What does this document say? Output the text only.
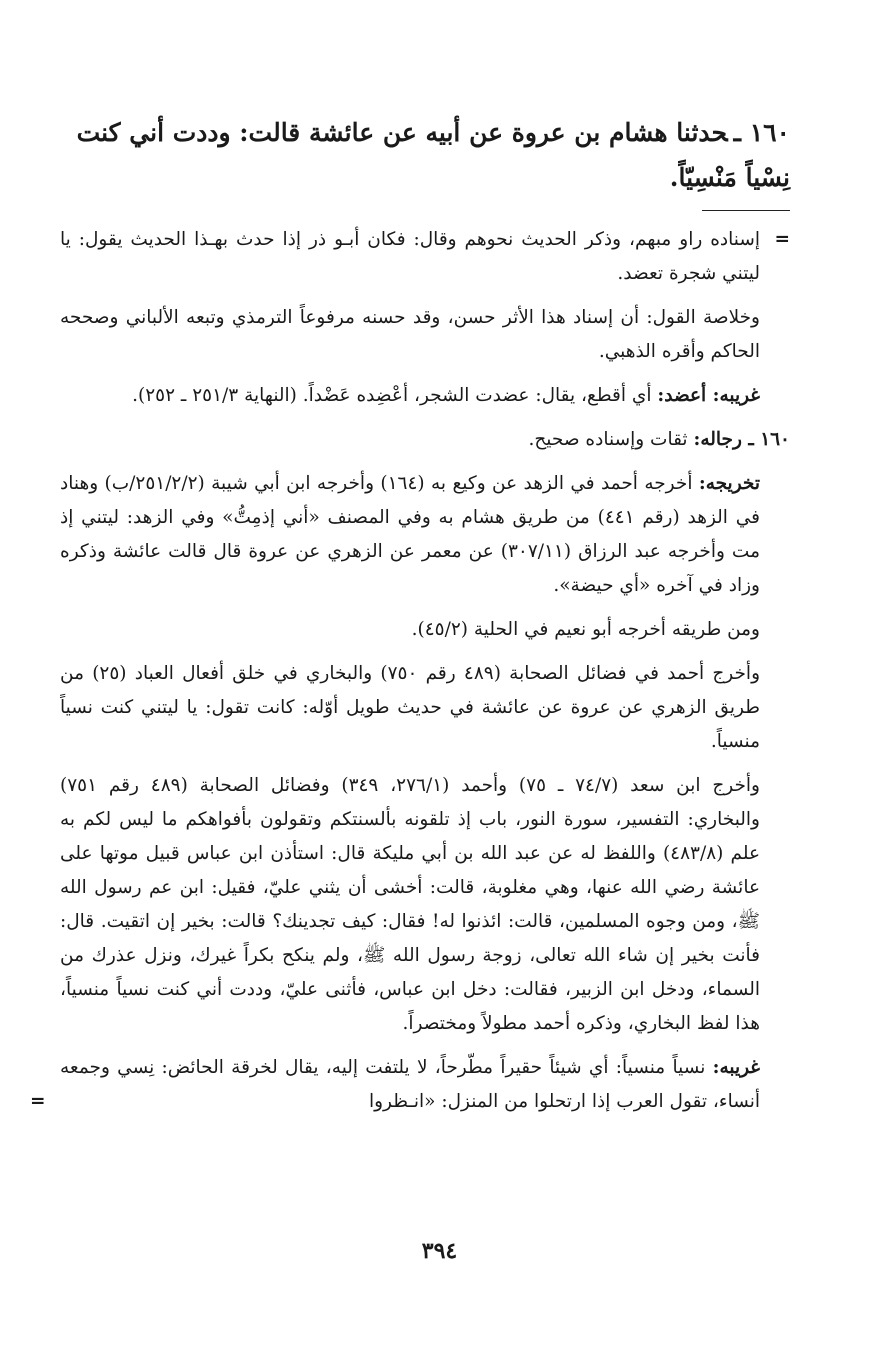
١٦٠ ـحدثنا هشام بن عروة عن أبيه عن عائشة قالت: وددت أني كنت نِسْياً مَنْسِيّاً.

=
إسناده راو مبهم، وذكر الحديث نحوهم وقال: فكان أبـو ذر إذا حدث بهـذا الحديث يقول: يا ليتني شجرة تعضد.

وخلاصة القول: أن إسناد هذا الأثر حسن، وقد حسنه مرفوعاً الترمذي وتبعه الألباني وصححه الحاكم وأقره الذهبي.

غريبه: أعضد: أي أقطع، يقال: عضدت الشجر، أعْضِده عَضْداً. (النهاية ٢٥١/٣ ـ ٢٥٢).

١٦٠ ـ رجاله: ثقات وإسناده صحيح.

تخريجه: أخرجه أحمد في الزهد عن وكيع به (١٦٤) وأخرجه ابن أبي شيبة (٢٥١/٢/٢/ب) وهناد في الزهد (رقم ٤٤١) من طريق هشام به وفي المصنف «أني إذمِتُّ» وفي الزهد: ليتني إذ مت وأخرجه عبد الرزاق (٣٠٧/١١) عن معمر عن الزهري عن عروة قال قالت عائشة وذكره وزاد في آخره «أي حيضة».

ومن طريقه أخرجه أبو نعيم في الحلية (٤٥/٢).

وأخرج أحمد في فضائل الصحابة (٤٨٩ رقم ٧٥٠) والبخاري في خلق أفعال العباد (٢٥) من طريق الزهري عن عروة عن عائشة في حديث طويل أوّله: كانت تقول: يا ليتني كنت نسياً منسياً.

وأخرج ابن سعد (٧٤/٧ ـ ٧٥) وأحمد (٢٧٦/١، ٣٤٩) وفضائل الصحابة (٤٨٩ رقم ٧٥١) والبخاري: التفسير، سورة النور، باب إذ تلقونه بألسنتكم وتقولون بأفواهكم ما ليس لكم به علم (٤٨٣/٨) واللفظ له عن عبد الله بن أبي مليكة قال: استأذن ابن عباس قبيل موتها على عائشة رضي الله عنها، وهي مغلوبة، قالت: أخشى أن يثني عليّ، فقيل: ابن عم رسول الله ﷺ، ومن وجوه المسلمين، قالت: ائذنوا له! فقال: كيف تجدينك؟ قالت: بخير إن اتقيت. قال: فأنت بخير إن شاء الله تعالى، زوجة رسول الله ﷺ، ولم ينكح بكراً غيرك، ونزل عذرك من السماء، ودخل ابن الزبير، فقالت: دخل ابن عباس، فأثنى عليّ، وددت أني كنت نسياً منسياً، هذا لفظ البخاري، وذكره أحمد مطولاً ومختصراً.

غريبه: نسياً منسياً: أي شيئاً حقيراً مطّرحاً، لا يلتفت إليه، يقال لخرقة الحائض: نِسي وجمعه أنساء، تقول العرب إذا ارتحلوا من المنزل: «انـظروا
=

٣٩٤
